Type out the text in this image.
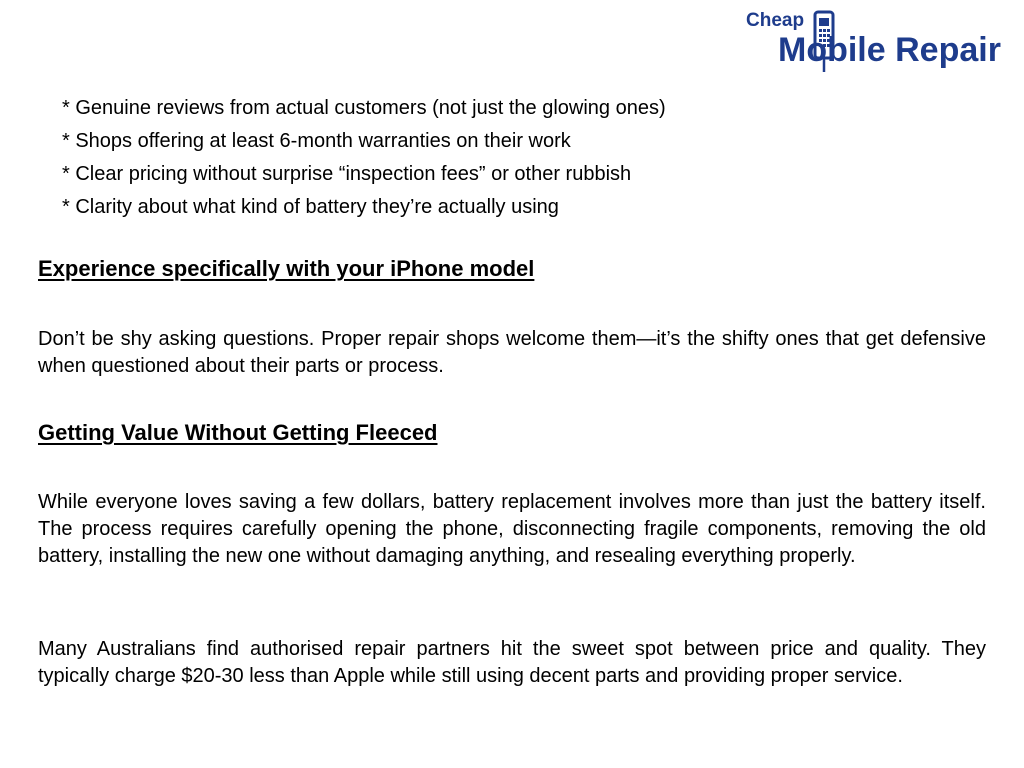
Cheap
Mobile Repair
* Genuine reviews from actual customers (not just the glowing ones)
* Shops offering at least 6-month warranties on their work
* Clear pricing without surprise “inspection fees” or other rubbish
* Clarity about what kind of battery they’re actually using
Experience specifically with your iPhone model

Don’t be shy asking questions. Proper repair shops welcome them—it’s the shifty ones that get defensive when questioned about their parts or process.

Getting Value Without Getting Fleeced

While everyone loves saving a few dollars, battery replacement involves more than just the battery itself. The process requires carefully opening the phone, disconnecting fragile components, removing the old battery, installing the new one without damaging anything, and resealing everything properly.

Many Australians find authorised repair partners hit the sweet spot between price and quality. They typically charge $20-30 less than Apple while still using decent parts and providing proper service.
